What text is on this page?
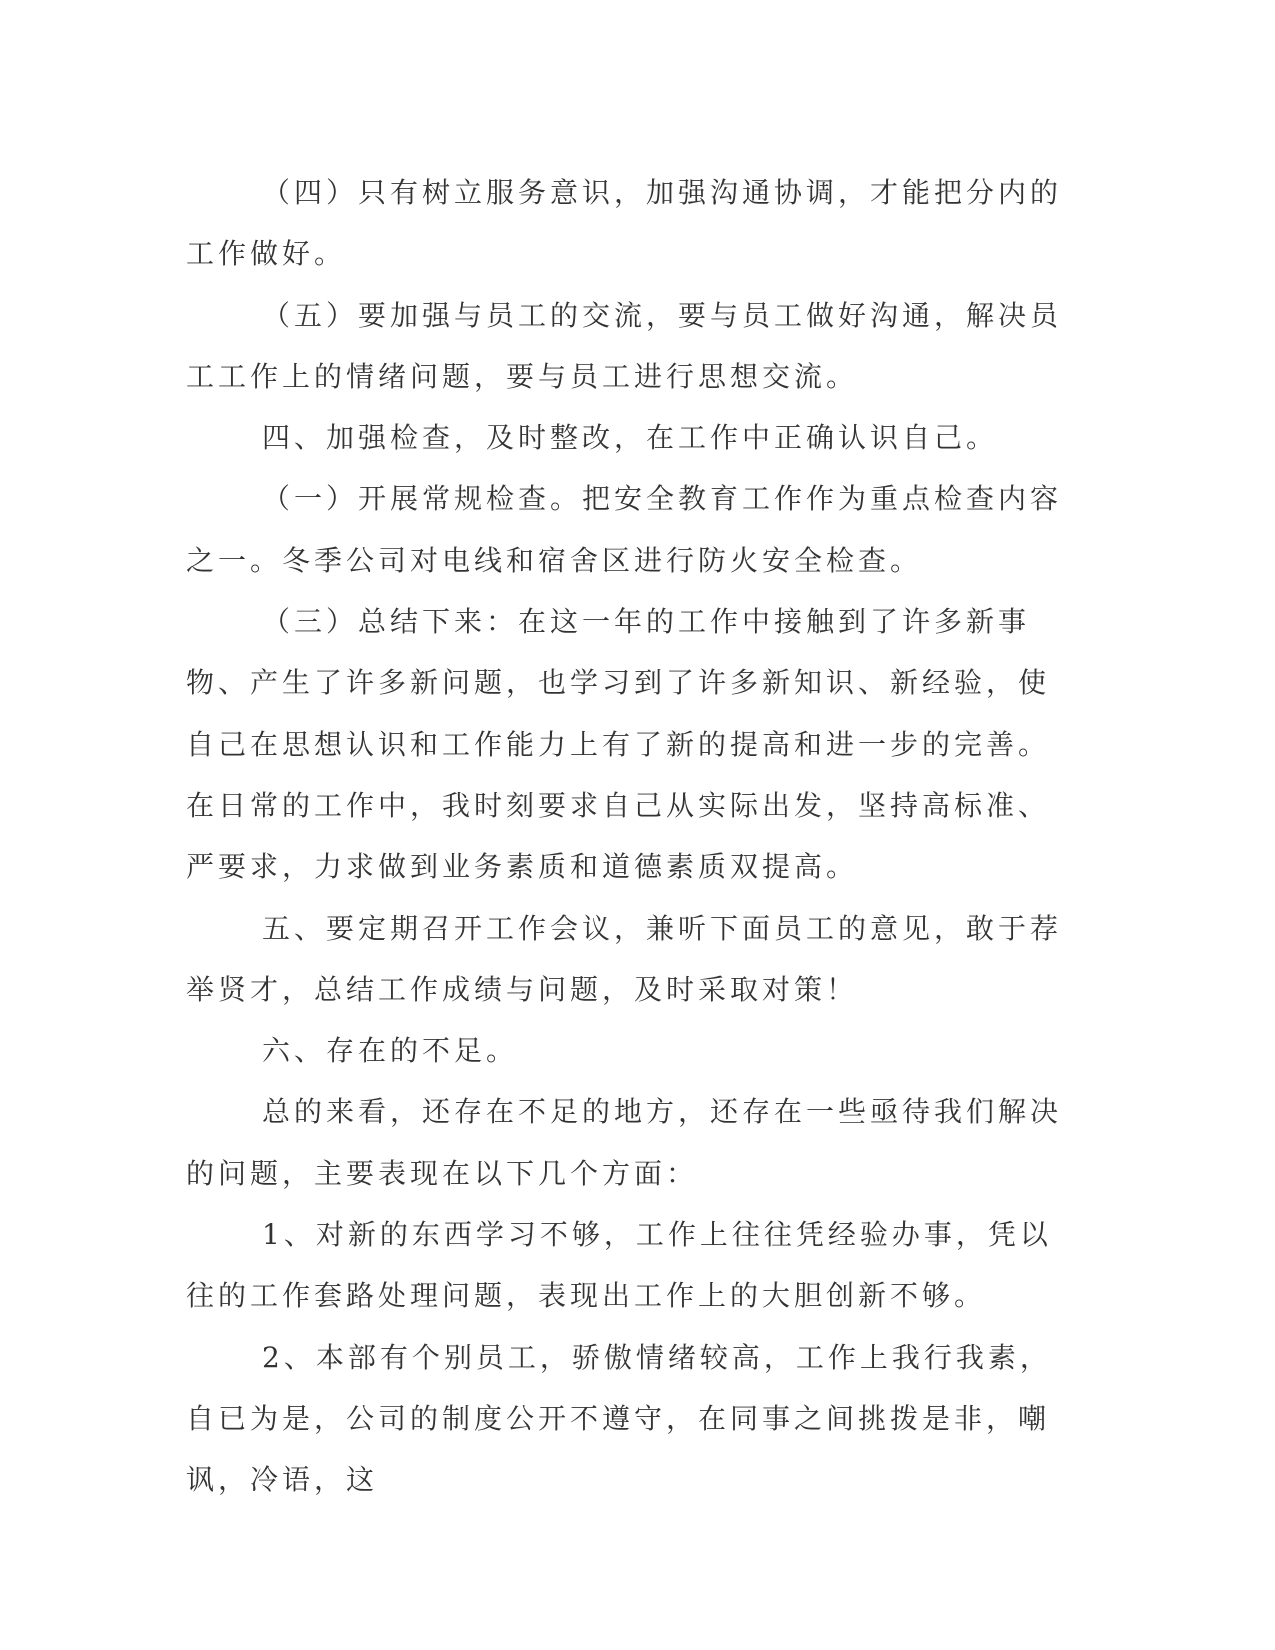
（四）只有树立服务意识，加强沟通协调，才能把分内的工作做好。

（五）要加强与员工的交流，要与员工做好沟通，解决员工工作上的情绪问题，要与员工进行思想交流。

四、加强检查，及时整改，在工作中正确认识自己。

（一）开展常规检查。把安全教育工作作为重点检查内容之一。冬季公司对电线和宿舍区进行防火安全检查。

（三）总结下来：在这一年的工作中接触到了许多新事物、产生了许多新问题，也学习到了许多新知识、新经验，使自己在思想认识和工作能力上有了新的提高和进一步的完善。在日常的工作中，我时刻要求自己从实际出发，坚持高标准、严要求，力求做到业务素质和道德素质双提高。

五、要定期召开工作会议，兼听下面员工的意见，敢于荐举贤才，总结工作成绩与问题，及时采取对策！

六、存在的不足。

总的来看，还存在不足的地方，还存在一些亟待我们解决的问题，主要表现在以下几个方面：

1、对新的东西学习不够，工作上往往凭经验办事，凭以往的工作套路处理问题，表现出工作上的大胆创新不够。

2、本部有个别员工，骄傲情绪较高，工作上我行我素，自已为是，公司的制度公开不遵守，在同事之间挑拨是非，嘲讽，冷语，这
